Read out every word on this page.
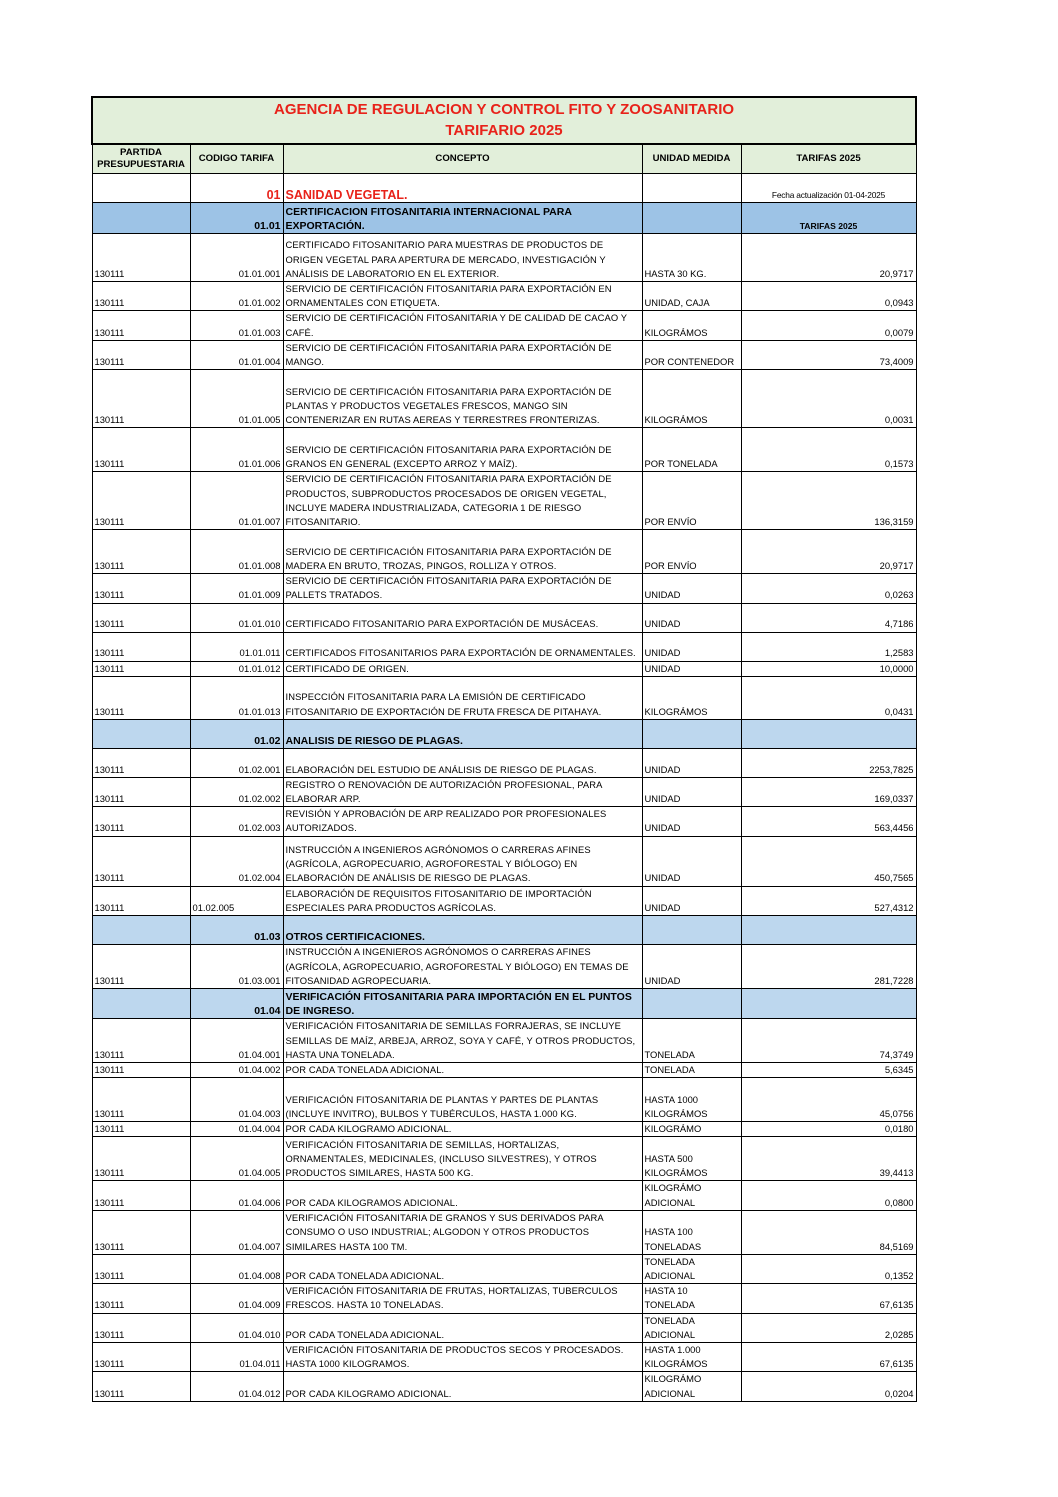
AGENCIA DE REGULACION Y CONTROL FITO Y ZOOSANITARIO
TARIFARIO 2025				

PARTIDA PRESUPUESTARIA	CODIGO TARIFA	CONCEPTO	UNIDAD MEDIDA	TARIFAS 2025
	01	SANIDAD VEGETAL.		Fecha actualización 01-04-2025
	01.01	CERTIFICACION FITOSANITARIA INTERNACIONAL PARA EXPORTACIÓN.		TARIFAS 2025
130111	01.01.001	CERTIFICADO FITOSANITARIO PARA MUESTRAS DE PRODUCTOS DE ORIGEN VEGETAL PARA APERTURA DE MERCADO, INVESTIGACIÓN Y ANÁLISIS DE LABORATORIO EN EL EXTERIOR.	HASTA 30 KG.	20,9717
130111	01.01.002	SERVICIO DE CERTIFICACIÓN FITOSANITARIA PARA EXPORTACIÓN EN ORNAMENTALES CON ETIQUETA.	UNIDAD, CAJA	0,0943
130111	01.01.003	SERVICIO DE CERTIFICACIÓN FITOSANITARIA Y DE CALIDAD DE CACAO Y CAFÉ.	KILOGRÁMOS	0,0079
130111	01.01.004	SERVICIO DE CERTIFICACIÓN FITOSANITARIA PARA EXPORTACIÓN DE MANGO.	POR CONTENEDOR	73,4009
130111	01.01.005	SERVICIO DE CERTIFICACIÓN FITOSANITARIA PARA EXPORTACIÓN DE PLANTAS Y PRODUCTOS VEGETALES FRESCOS, MANGO SIN CONTENERIZAR EN RUTAS AEREAS Y TERRESTRES FRONTERIZAS.	KILOGRÁMOS	0,0031
130111	01.01.006	SERVICIO DE CERTIFICACIÓN FITOSANITARIA PARA EXPORTACIÓN DE GRANOS EN GENERAL (EXCEPTO ARROZ Y MAÍZ).	POR TONELADA	0,1573
130111	01.01.007	SERVICIO DE CERTIFICACIÓN FITOSANITARIA PARA EXPORTACIÓN DE PRODUCTOS, SUBPRODUCTOS PROCESADOS DE ORIGEN VEGETAL, INCLUYE MADERA INDUSTRIALIZADA, CATEGORIA 1 DE RIESGO FITOSANITARIO.	POR ENVÍO	136,3159
130111	01.01.008	SERVICIO DE CERTIFICACIÓN FITOSANITARIA PARA EXPORTACIÓN DE MADERA EN BRUTO, TROZAS, PINGOS, ROLLIZA Y OTROS.	POR ENVÍO	20,9717
130111	01.01.009	SERVICIO DE CERTIFICACIÓN FITOSANITARIA PARA EXPORTACIÓN DE PALLETS TRATADOS.	UNIDAD	0,0263
130111	01.01.010	CERTIFICADO FITOSANITARIO PARA EXPORTACIÓN DE MUSÁCEAS.	UNIDAD	4,7186
130111	01.01.011	CERTIFICADOS FITOSANITARIOS PARA EXPORTACIÓN DE ORNAMENTALES.	UNIDAD	1,2583
130111	01.01.012	CERTIFICADO DE ORIGEN.	UNIDAD	10,0000
130111	01.01.013	INSPECCIÓN FITOSANITARIA PARA LA EMISIÓN DE CERTIFICADO FITOSANITARIO DE EXPORTACIÓN DE FRUTA FRESCA DE PITAHAYA.	KILOGRÁMOS	0,0431
	01.02	ANALISIS DE RIESGO DE PLAGAS.		
130111	01.02.001	ELABORACIÓN DEL ESTUDIO DE ANÁLISIS DE RIESGO DE PLAGAS.	UNIDAD	2253,7825
130111	01.02.002	REGISTRO O RENOVACIÓN DE AUTORIZACIÓN PROFESIONAL, PARA ELABORAR ARP.	UNIDAD	169,0337
130111	01.02.003	REVISIÓN Y APROBACIÓN DE ARP REALIZADO POR PROFESIONALES AUTORIZADOS.	UNIDAD	563,4456
130111	01.02.004	INSTRUCCIÓN A INGENIEROS AGRÓNOMOS O CARRERAS AFINES (AGRÍCOLA, AGROPECUARIO, AGROFORESTAL Y BIÓLOGO) EN ELABORACIÓN DE ANÁLISIS DE RIESGO DE PLAGAS.	UNIDAD	450,7565
130111	01.02.005	ELABORACIÓN DE REQUISITOS FITOSANITARIO DE IMPORTACIÓN ESPECIALES PARA PRODUCTOS AGRÍCOLAS.	UNIDAD	527,4312
	01.03	OTROS CERTIFICACIONES.		
130111	01.03.001	INSTRUCCIÓN A INGENIEROS AGRÓNOMOS O CARRERAS AFINES (AGRÍCOLA, AGROPECUARIO, AGROFORESTAL Y BIÓLOGO) EN TEMAS DE FITOSANIDAD AGROPECUARIA.	UNIDAD	281,7228
	01.04	VERIFICACIÓN FITOSANITARIA PARA IMPORTACIÓN EN EL PUNTOS DE INGRESO.		
130111	01.04.001	VERIFICACIÓN FITOSANITARIA DE SEMILLAS FORRAJERAS, SE INCLUYE SEMILLAS DE MAÍZ, ARBEJA, ARROZ, SOYA Y CAFÉ, Y OTROS PRODUCTOS, HASTA UNA TONELADA.	TONELADA	74,3749
130111	01.04.002	POR CADA TONELADA ADICIONAL.	TONELADA	5,6345
130111	01.04.003	VERIFICACIÓN FITOSANITARIA DE PLANTAS Y PARTES DE PLANTAS (INCLUYE INVITRO), BULBOS Y TUBÉRCULOS, HASTA 1.000 KG.	HASTA 1000 KILOGRÁMOS	45,0756
130111	01.04.004	POR CADA KILOGRAMO ADICIONAL.	KILOGRÁMO	0,0180
130111	01.04.005	VERIFICACIÓN FITOSANITARIA DE SEMILLAS, HORTALIZAS, ORNAMENTALES, MEDICINALES, (INCLUSO SILVESTRES), Y OTROS PRODUCTOS SIMILARES, HASTA 500 KG.	HASTA 500 KILOGRÁMOS	39,4413
130111	01.04.006	POR CADA KILOGRAMOS ADICIONAL.	KILOGRÁMO ADICIONAL	0,0800
130111	01.04.007	VERIFICACIÓN FITOSANITARIA DE GRANOS Y SUS DERIVADOS PARA CONSUMO O USO INDUSTRIAL; ALGODON Y OTROS PRODUCTOS SIMILARES HASTA 100 TM.	HASTA 100 TONELADAS	84,5169
130111	01.04.008	POR CADA TONELADA ADICIONAL.	TONELADA ADICIONAL	0,1352
130111	01.04.009	VERIFICACIÓN FITOSANITARIA DE FRUTAS, HORTALIZAS, TUBERCULOS FRESCOS. HASTA 10 TONELADAS.	HASTA 10 TONELADA	67,6135
130111	01.04.010	POR CADA TONELADA ADICIONAL.	TONELADA ADICIONAL	2,0285
130111	01.04.011	VERIFICACIÓN FITOSANITARIA DE PRODUCTOS SECOS Y PROCESADOS. HASTA 1000 KILOGRAMOS.	HASTA 1.000 KILOGRÁMOS	67,6135
130111	01.04.012	POR CADA KILOGRAMO ADICIONAL.	KILOGRÁMO ADICIONAL	0,0204
